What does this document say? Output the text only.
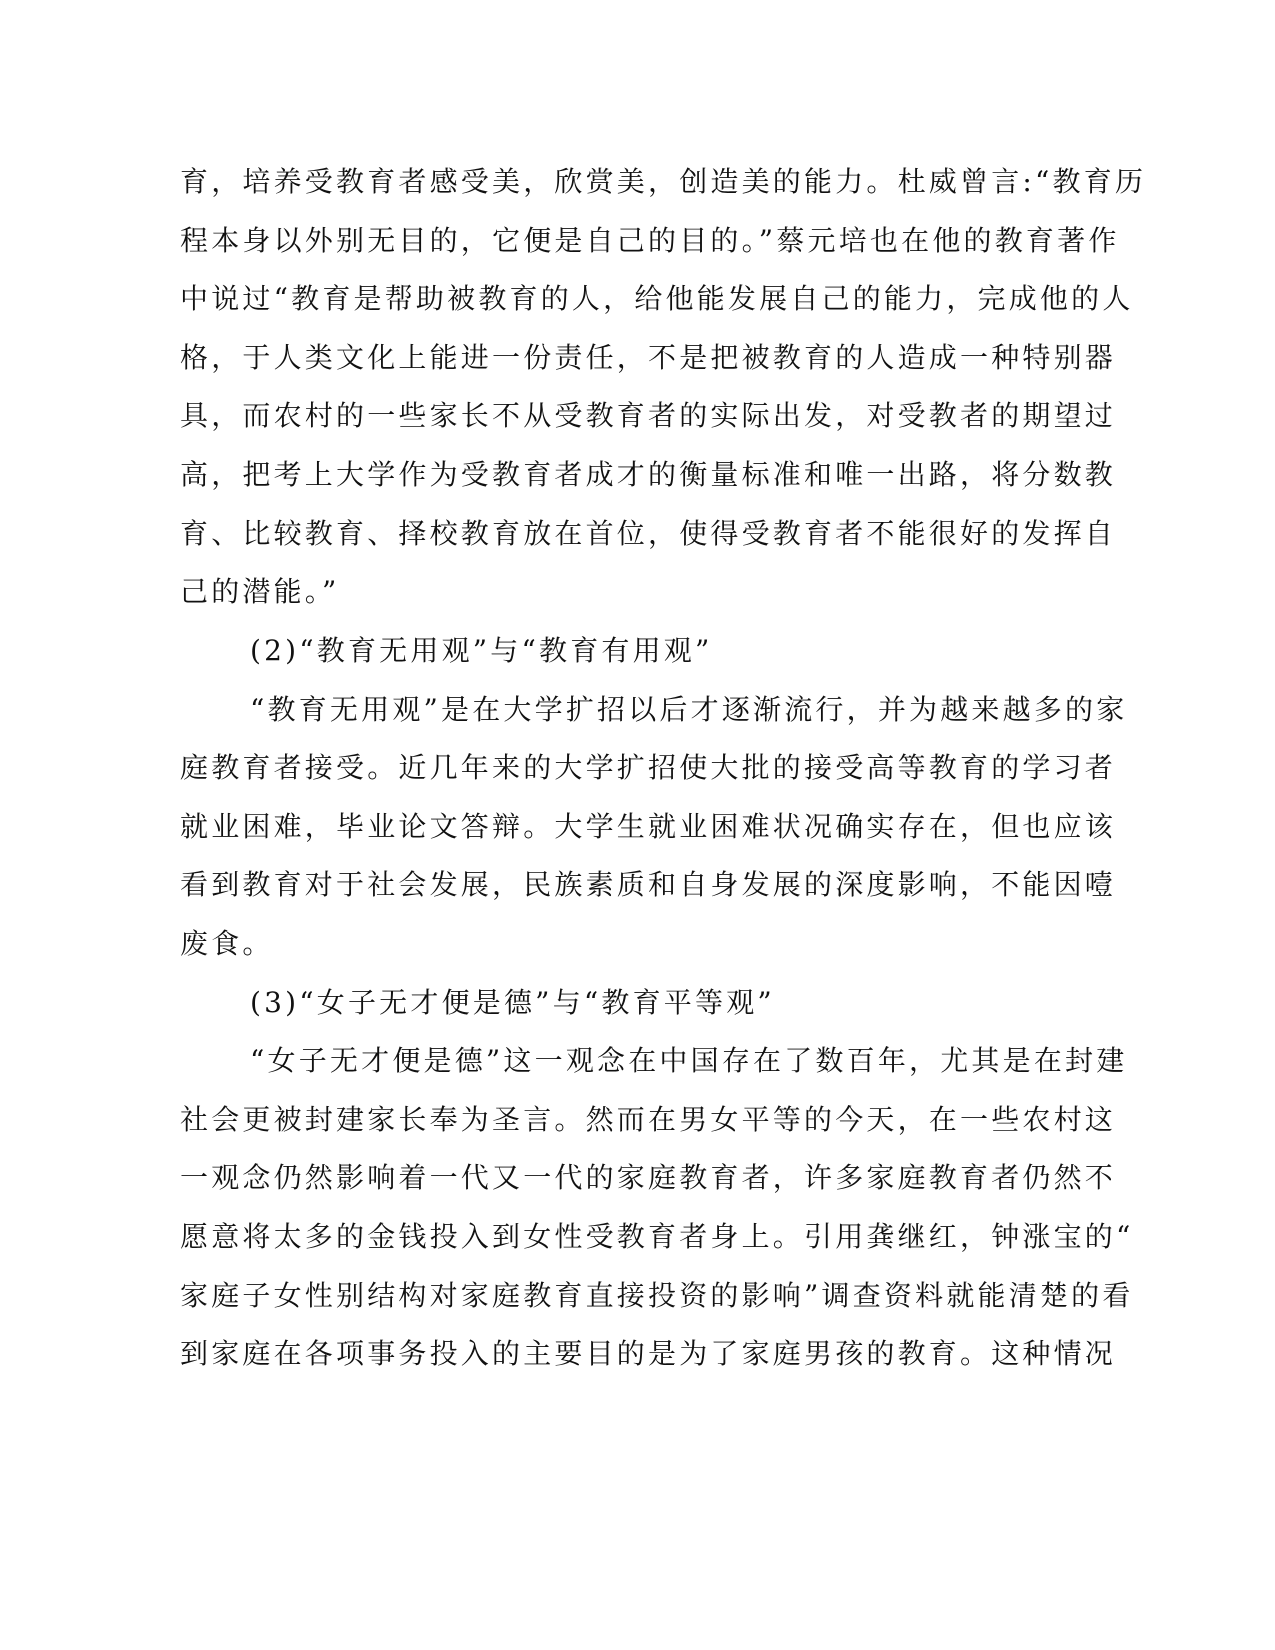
育，培养受教育者感受美，欣赏美，创造美的能力。杜威曾言:“教育历
程本身以外别无目的，它便是自己的目的。”蔡元培也在他的教育著作
中说过“教育是帮助被教育的人，给他能发展自己的能力，完成他的人
格，于人类文化上能进一份责任，不是把被教育的人造成一种特别器
具，而农村的一些家长不从受教育者的实际出发，对受教者的期望过
高，把考上大学作为受教育者成才的衡量标准和唯一出路，将分数教
育、比较教育、择校教育放在首位，使得受教育者不能很好的发挥自
己的潜能。”
(2)“教育无用观”与“教育有用观”
“教育无用观”是在大学扩招以后才逐渐流行，并为越来越多的家
庭教育者接受。近几年来的大学扩招使大批的接受高等教育的学习者
就业困难，毕业论文答辩。大学生就业困难状况确实存在，但也应该
看到教育对于社会发展，民族素质和自身发展的深度影响，不能因噎
废食。
(3)“女子无才便是德”与“教育平等观”
“女子无才便是德”这一观念在中国存在了数百年，尤其是在封建
社会更被封建家长奉为圣言。然而在男女平等的今天，在一些农村这
一观念仍然影响着一代又一代的家庭教育者，许多家庭教育者仍然不
愿意将太多的金钱投入到女性受教育者身上。引用龚继红，钟涨宝的“
家庭子女性别结构对家庭教育直接投资的影响”调查资料就能清楚的看
到家庭在各项事务投入的主要目的是为了家庭男孩的教育。这种情况
